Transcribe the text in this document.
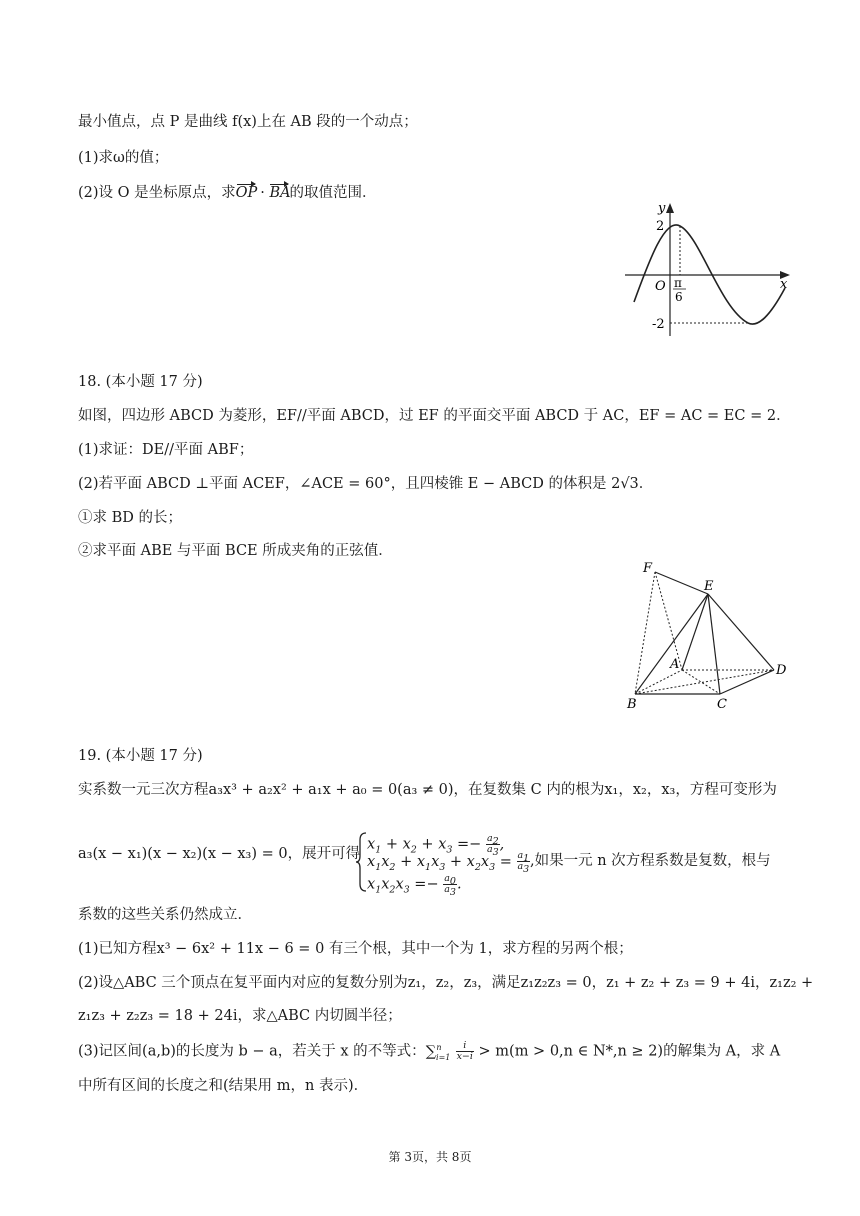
最小值点，点 P 是曲线 f(x)上在 AB 段的一个动点；
(1)求ω的值；
(2)设 O 是坐标原点，求OP · BA的取值范围．
y
x
O
2
-2
π
6
18. (本小题 17 分)
如图，四边形 ABCD 为菱形，EF//平面 ABCD，过 EF 的平面交平面 ABCD 于 AC，EF = AC = EC = 2．
(1)求证：DE//平面 ABF；
(2)若平面 ABCD ⊥平面 ACEF，∠ACE = 60°，且四棱锥 E − ABCD 的体积是 2√3．
①求 BD 的长；
②求平面 ABE 与平面 BCE 所成夹角的正弦值．
F
E
A
B	C
D
19. (本小题 17 分)
实系数一元三次方程a₃x³ + a₂x² + a₁x + a₀ = 0(a₃ ≠ 0)，在复数集 C 内的根为x₁，x₂，x₃，方程可变形为
a₃(x − x₁)(x − x₂)(x − x₃) = 0，展开可得
$x_1 + x_2 + x_3 =- \frac{a_2}{a_3}$ ,
$x_1x_2 + x_1x_3 + x_2x_3 = \frac{a_1}{a_3}$ ,如果一元 n 次方程系数是复数，根与
$x_1x_2x_3 =- \frac{a_0}{a_3}$ .
系数的这些关系仍然成立．
(1)已知方程x³ − 6x² + 11x − 6 = 0 有三个根，其中一个为 1，求方程的另两个根；
(2)设△ABC 三个顶点在复平面内对应的复数分别为z₁，z₂，z₃，满足z₁z₂z₃ = 0，z₁ + z₂ + z₃ = 9 + 4i，z₁z₂ +
z₁z₃ + z₂z₃ = 18 + 24i，求△ABC 内切圆半径；
(3)记区间(a,b)的长度为 b − a，若关于 x 的不等式：$\sum_{i=1}^n \frac{i}{x-i} > m(m > 0,n$ ∈ N*,n ≥ 2)的解集为 A，求 A
中所有区间的长度之和(结果用 m，n 表示)．
第 3页，共 8页
